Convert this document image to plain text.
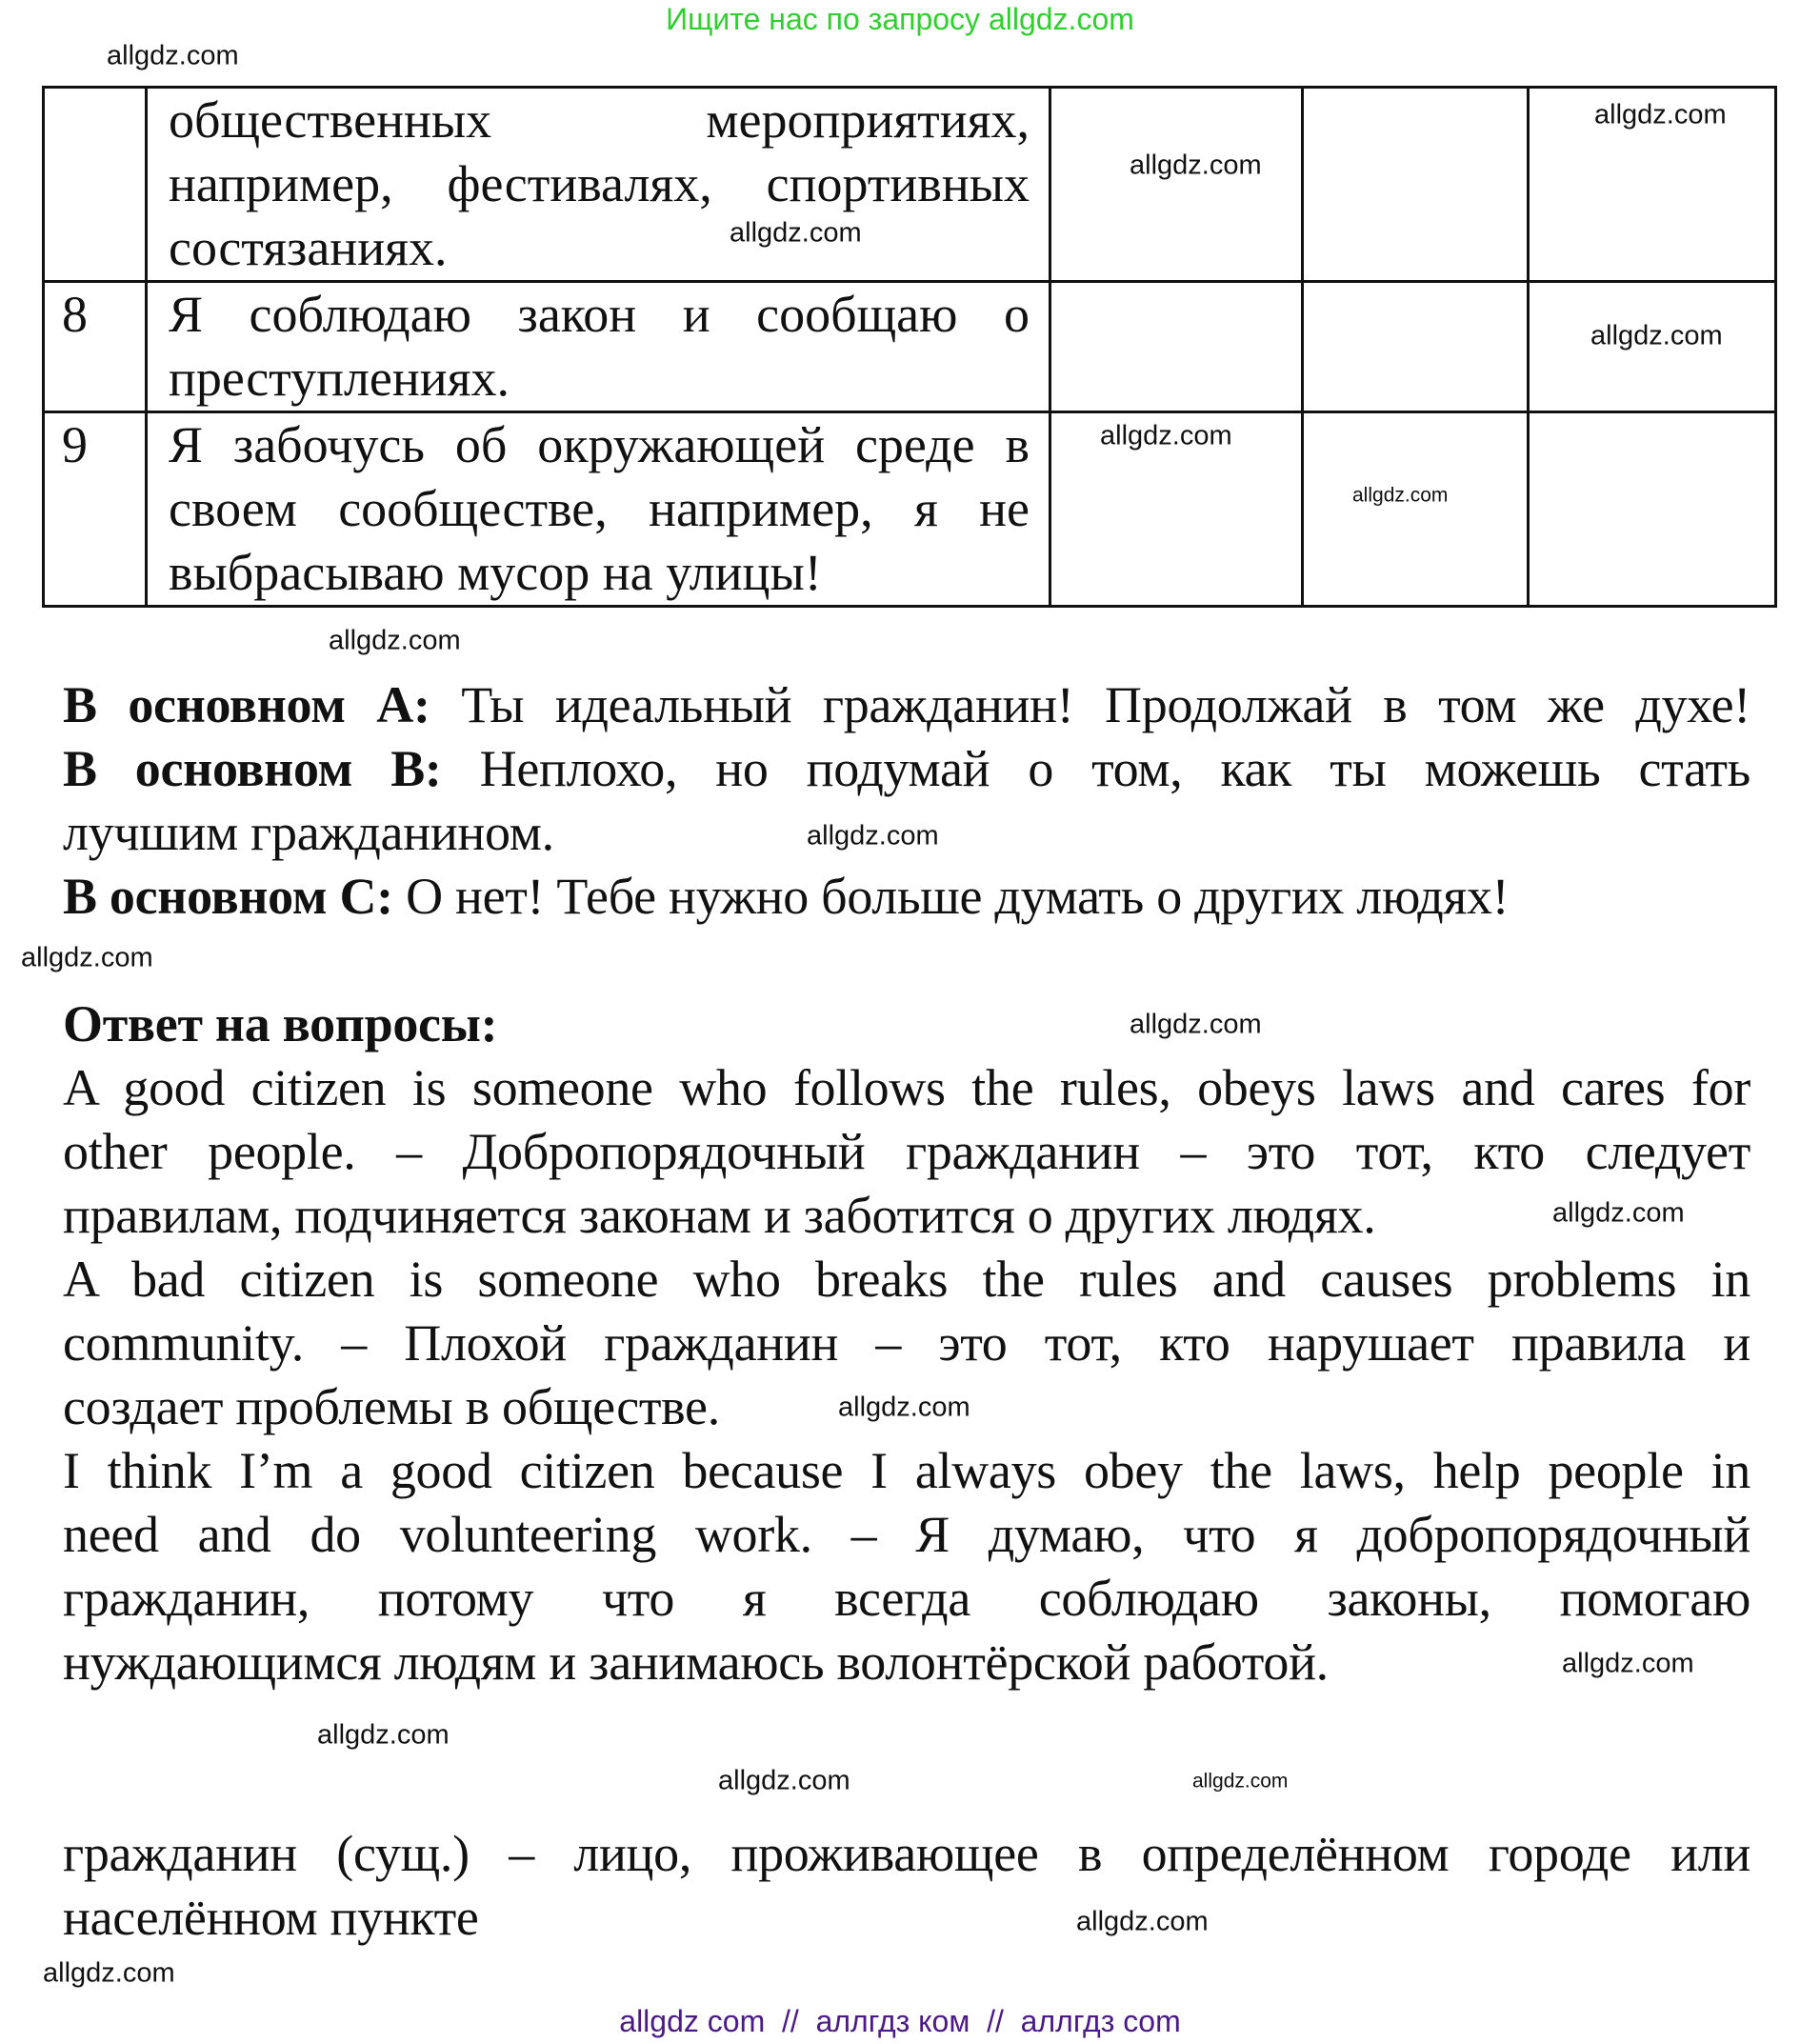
Ищите нас по запросу allgdz.com

	общественных мероприятиях,
например, фестивалях, спортивных
состязаниях.			

8	Я соблюдаю закон и сообщаю о
преступлениях.			

9	Я забочусь об окружающей среде в
своем сообществе, например, я не
выбрасываю мусор на улицы!			

В основном A: Ты идеальный гражданин! Продолжай в том же духе!
В основном B: Неплохо, но подумай о том, как ты можешь стать
лучшим гражданином.
В основном C: О нет! Тебе нужно больше думать о других людях!
Ответ на вопросы:
A good citizen is someone who follows the rules, obeys laws and cares for
other people. – Добропорядочный гражданин – это тот, кто следует
правилам, подчиняется законам и заботится о других людях.
A bad citizen is someone who breaks the rules and causes problems in
community. – Плохой гражданин – это тот, кто нарушает правила и
создает проблемы в обществе.
I think I’m a good citizen because I always obey the laws, help people in
need and do volunteering work. – Я думаю, что я добропорядочный
гражданин, потому что я всегда соблюдаю законы, помогаю
нуждающимся людям и занимаюсь волонтёрской работой.
гражданин (сущ.) – лицо, проживающее в определённом городе или
населённом пункте
allgdz.com
allgdz.com
allgdz.com
allgdz.com
allgdz.com
allgdz.com
allgdz.com
allgdz.com
allgdz.com
allgdz.com
allgdz.com
allgdz.com
allgdz.com
allgdz.com
allgdz.com
allgdz.com
allgdz.com
allgdz.com
allgdz.com
allgdz com  //  аллгдз ком  //  аллгдз com
